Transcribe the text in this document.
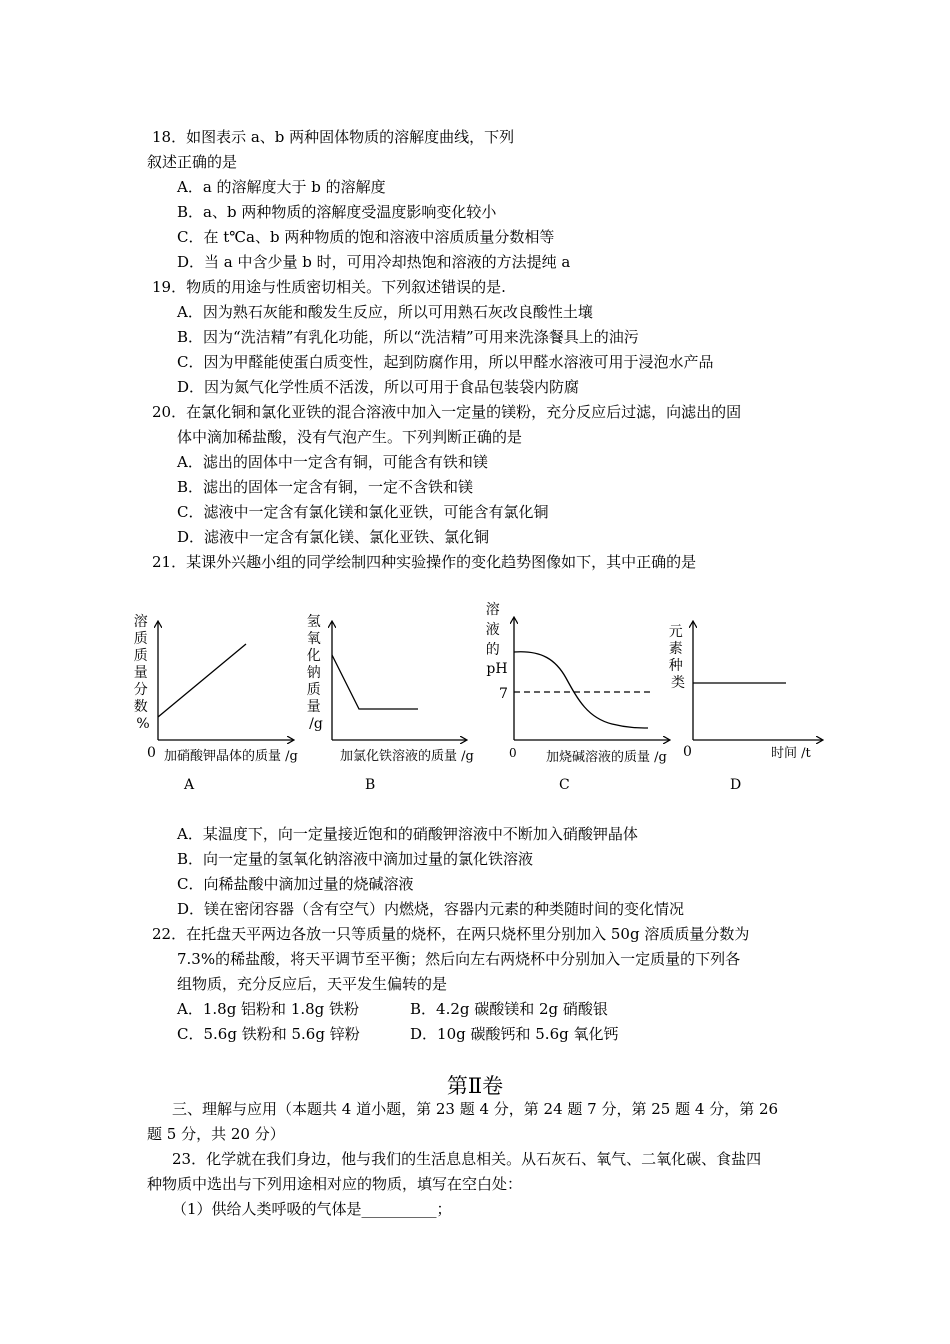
18．如图表示 a、b 两种固体物质的溶解度曲线，下列
叙述正确的是
A．a 的溶解度大于 b 的溶解度
B．a、b 两种物质的溶解度受温度影响变化较小
C．在 t℃a、b 两种物质的饱和溶液中溶质质量分数相等
D．当 a 中含少量 b 时，可用冷却热饱和溶液的方法提纯 a
19．物质的用途与性质密切相关。下列叙述错误的是.
A．因为熟石灰能和酸发生反应，所以可用熟石灰改良酸性土壤
B．因为“洗洁精”有乳化功能，所以“洗洁精”可用来洗涤餐具上的油污
C．因为甲醛能使蛋白质变性，起到防腐作用，所以甲醛水溶液可用于浸泡水产品
D．因为氮气化学性质不活泼，所以可用于食品包装袋内防腐
20．在氯化铜和氯化亚铁的混合溶液中加入一定量的镁粉，充分反应后过滤，向滤出的固
体中滴加稀盐酸，没有气泡产生。下列判断正确的是
A．滤出的固体中一定含有铜，可能含有铁和镁
B．滤出的固体一定含有铜，一定不含铁和镁
C．滤液中一定含有氯化镁和氯化亚铁，可能含有氯化铜
D．滤液中一定含有氯化镁、氯化亚铁、氯化铜
21．某课外兴趣小组的同学绘制四种实验操作的变化趋势图像如下，其中正确的是
溶 质 质 量 分 数 %
0 加硝酸钾晶体的质量 /g
A
氢 氧 化 钠 质 量 /g
加氯化铁溶液的质量 /g
B
溶 液 的 pH
7
0 加烧碱溶液的质量 /g
C
元 素 种 类
0	时间 /t
D
A．某温度下，向一定量接近饱和的硝酸钾溶液中不断加入硝酸钾晶体
B．向一定量的氢氧化钠溶液中滴加过量的氯化铁溶液
C．向稀盐酸中滴加过量的烧碱溶液
D．镁在密闭容器（含有空气）内燃烧，容器内元素的种类随时间的变化情况
22．在托盘天平两边各放一只等质量的烧杯，在两只烧杯里分别加入 50g 溶质质量分数为
7.3%的稀盐酸，将天平调节至平衡；然后向左右两烧杯中分别加入一定质量的下列各
组物质，充分反应后，天平发生偏转的是
A．1.8g 铝粉和 1.8g 铁粉	B．4.2g 碳酸镁和 2g 硝酸银
C．5.6g 铁粉和 5.6g 锌粉	D．10g 碳酸钙和 5.6g 氧化钙
第Ⅱ卷
三、理解与应用（本题共 4 道小题，第 23 题 4 分，第 24 题 7 分，第 25 题 4 分，第 26
题 5 分，共 20 分）
23．化学就在我们身边，他与我们的生活息息相关。从石灰石、氧气、二氧化碳、食盐四
种物质中选出与下列用途相对应的物质，填写在空白处：
（1）供给人类呼吸的气体是__________；
